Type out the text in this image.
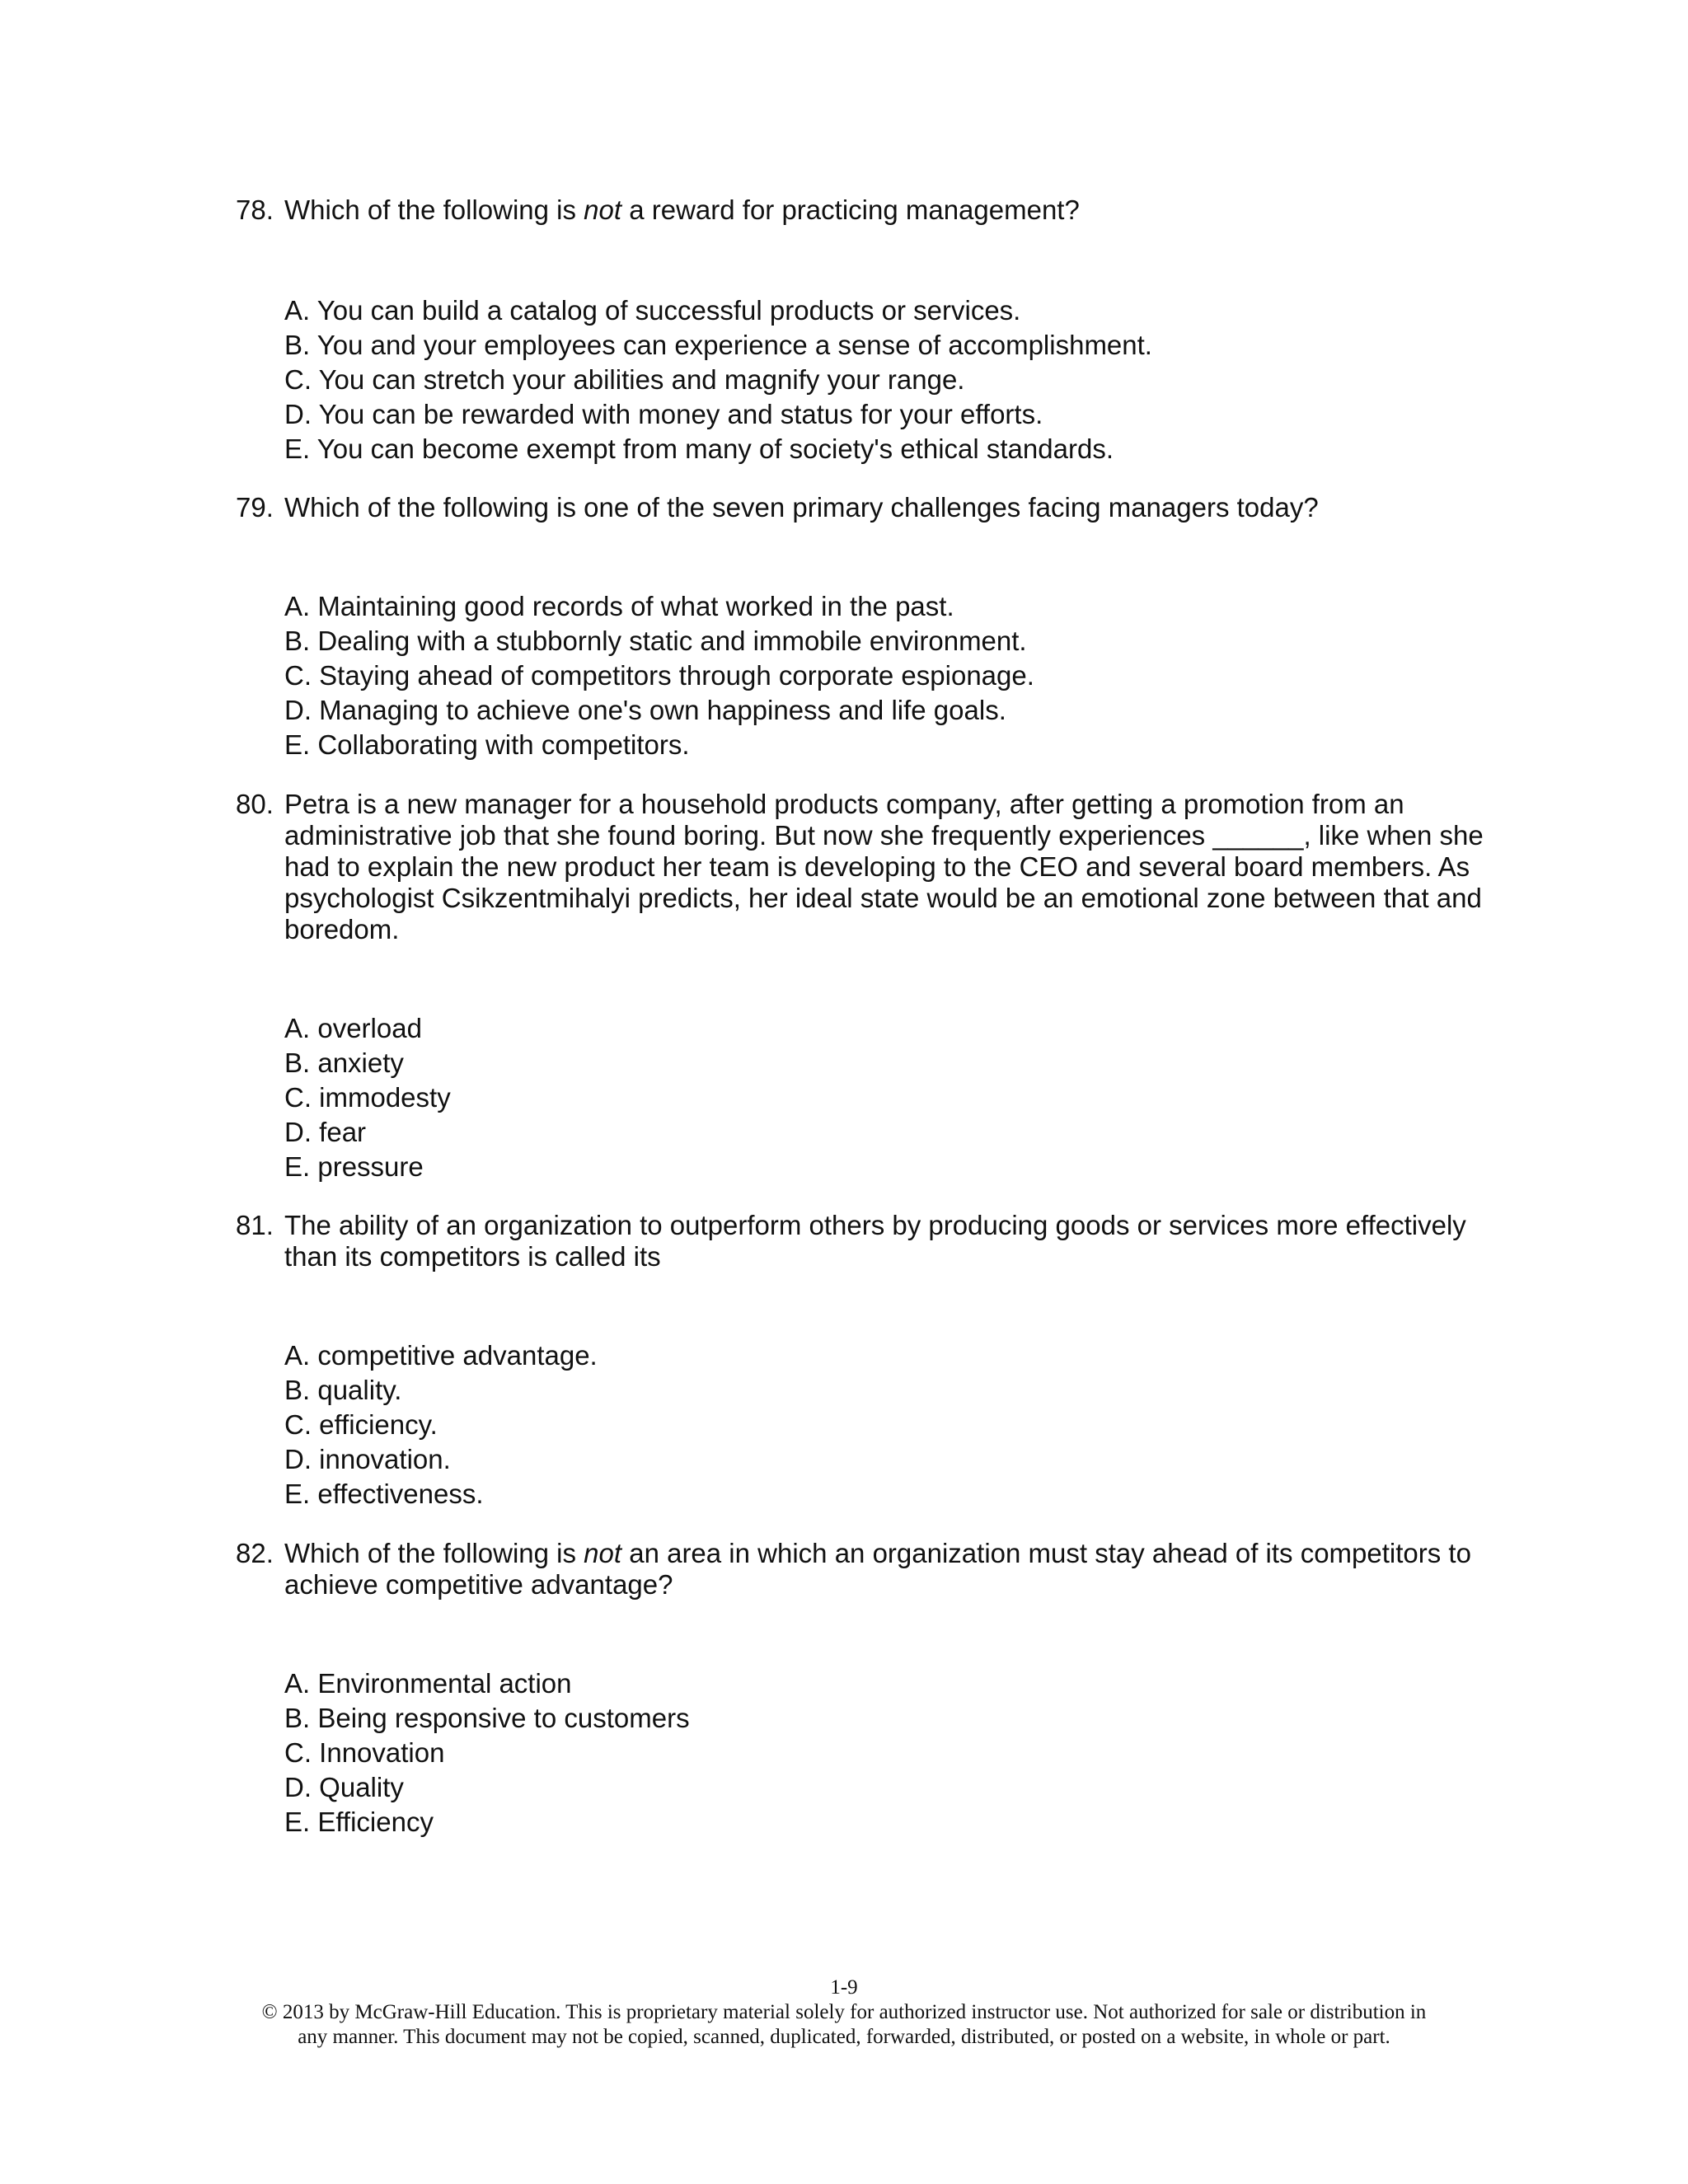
78. Which of the following is not a reward for practicing management?
A. You can build a catalog of successful products or services.
B. You and your employees can experience a sense of accomplishment.
C. You can stretch your abilities and magnify your range.
D. You can be rewarded with money and status for your efforts.
E. You can become exempt from many of society's ethical standards.
79. Which of the following is one of the seven primary challenges facing managers today?
A. Maintaining good records of what worked in the past.
B. Dealing with a stubbornly static and immobile environment.
C. Staying ahead of competitors through corporate espionage.
D. Managing to achieve one's own happiness and life goals.
E. Collaborating with competitors.
80. Petra is a new manager for a household products company, after getting a promotion from an administrative job that she found boring. But now she frequently experiences ______, like when she had to explain the new product her team is developing to the CEO and several board members. As psychologist Csikzentmihalyi predicts, her ideal state would be an emotional zone between that and boredom.
A. overload
B. anxiety
C. immodesty
D. fear
E. pressure
81. The ability of an organization to outperform others by producing goods or services more effectively than its competitors is called its
A. competitive advantage.
B. quality.
C. efficiency.
D. innovation.
E. effectiveness.
82. Which of the following is not an area in which an organization must stay ahead of its competitors to achieve competitive advantage?
A. Environmental action
B. Being responsive to customers
C. Innovation
D. Quality
E. Efficiency
1-9
© 2013 by McGraw-Hill Education. This is proprietary material solely for authorized instructor use. Not authorized for sale or distribution in
any manner. This document may not be copied, scanned, duplicated, forwarded, distributed, or posted on a website, in whole or part.
